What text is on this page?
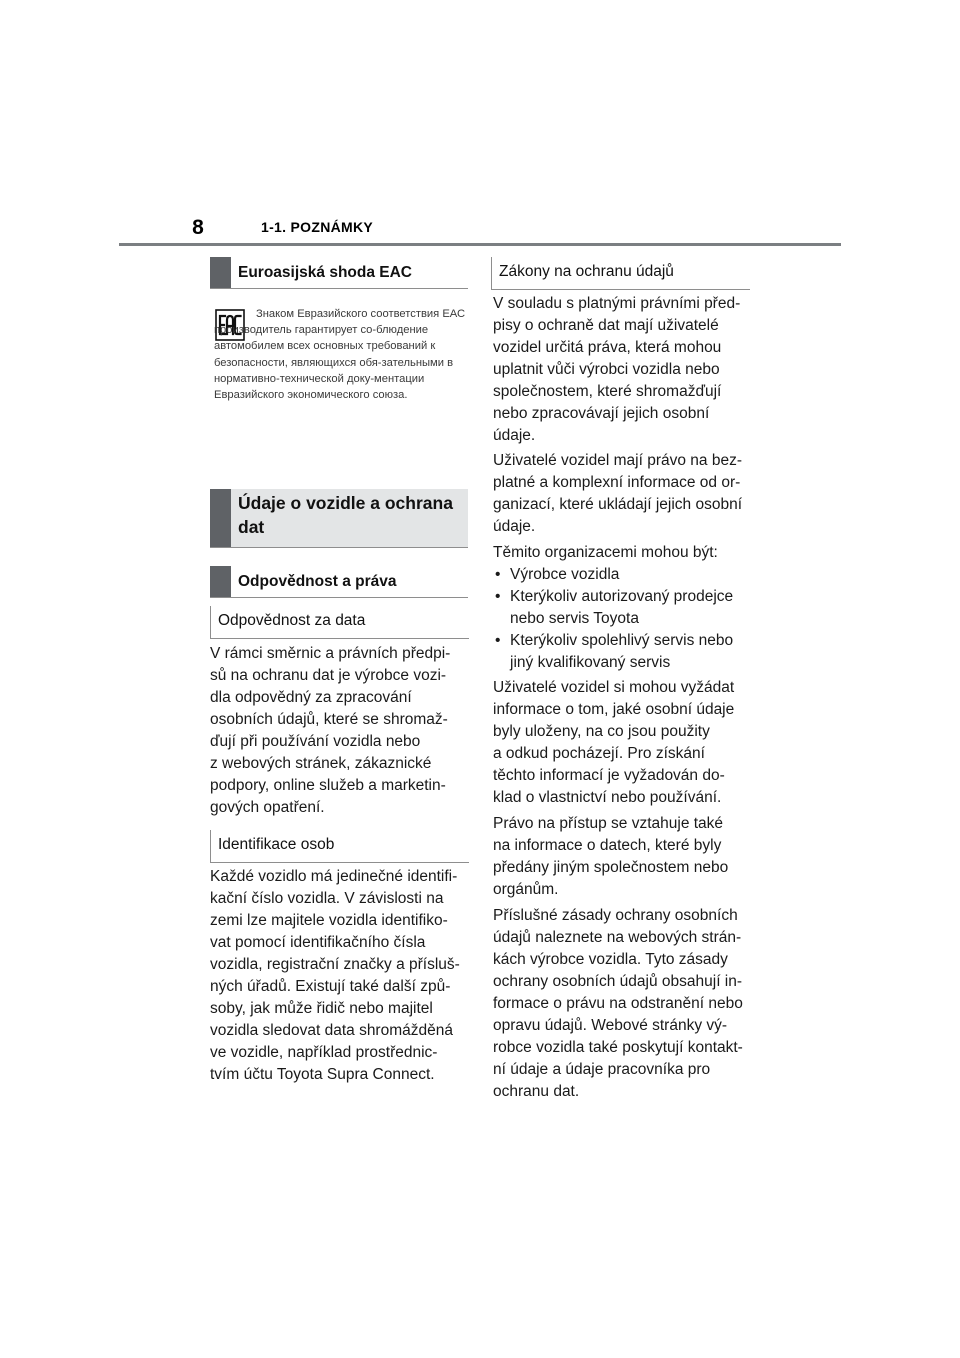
8	1-1. POZNÁMKY
Euroasijská shoda EAC
Знаком Евразийского соответствия ЕАС производитель гарантирует со-блюдение автомобилем всех основных требований к безопасности, являющихся обя-зательными в нормативно-технической доку-ментации Евразийского экономического союза.
Údaje o vozidle a ochrana
dat
Odpovědnost a práva
Odpovědnost za data
V rámci směrnic a právních předpi-
sů na ochranu dat je výrobce vozi-
dla odpovědný za zpracování
osobních údajů, které se shromaž-
ďují při používání vozidla nebo
z webových stránek, zákaznické
podpory, online služeb a marketin-
gových opatření.
Identifikace osob
Každé vozidlo má jedinečné identifi-
kační číslo vozidla. V závislosti na
zemi lze majitele vozidla identifiko-
vat pomocí identifikačního čísla
vozidla, registrační značky a přísluš-
ných úřadů. Existují také další způ-
soby, jak může řidič nebo majitel
vozidla sledovat data shromážděná
ve vozidle, například prostřednic-
tvím účtu Toyota Supra Connect.
Zákony na ochranu údajů
V souladu s platnými právními před-
pisy o ochraně dat mají uživatelé
vozidel určitá práva, která mohou
uplatnit vůči výrobci vozidla nebo
společnostem, které shromažďují
nebo zpracovávají jejich osobní
údaje.
Uživatelé vozidel mají právo na bez-
platné a komplexní informace od or-
ganizací, které ukládají jejich osobní
údaje.
Těmito organizacemi mohou být:
• Výrobce vozidla
• Kterýkoliv autorizovaný prodejce
nebo servis Toyota
• Kterýkoliv spolehlivý servis nebo
jiný kvalifikovaný servis
Uživatelé vozidel si mohou vyžádat
informace o tom, jaké osobní údaje
byly uloženy, na co jsou použity
a odkud pocházejí. Pro získání
těchto informací je vyžadován do-
klad o vlastnictví nebo používání.
Právo na přístup se vztahuje také
na informace o datech, které byly
předány jiným společnostem nebo
orgánům.
Příslušné zásady ochrany osobních
údajů naleznete na webových strán-
kách výrobce vozidla. Tyto zásady
ochrany osobních údajů obsahují in-
formace o právu na odstranění nebo
opravu údajů. Webové stránky vý-
robce vozidla také poskytují kontakt-
ní údaje a údaje pracovníka pro
ochranu dat.
